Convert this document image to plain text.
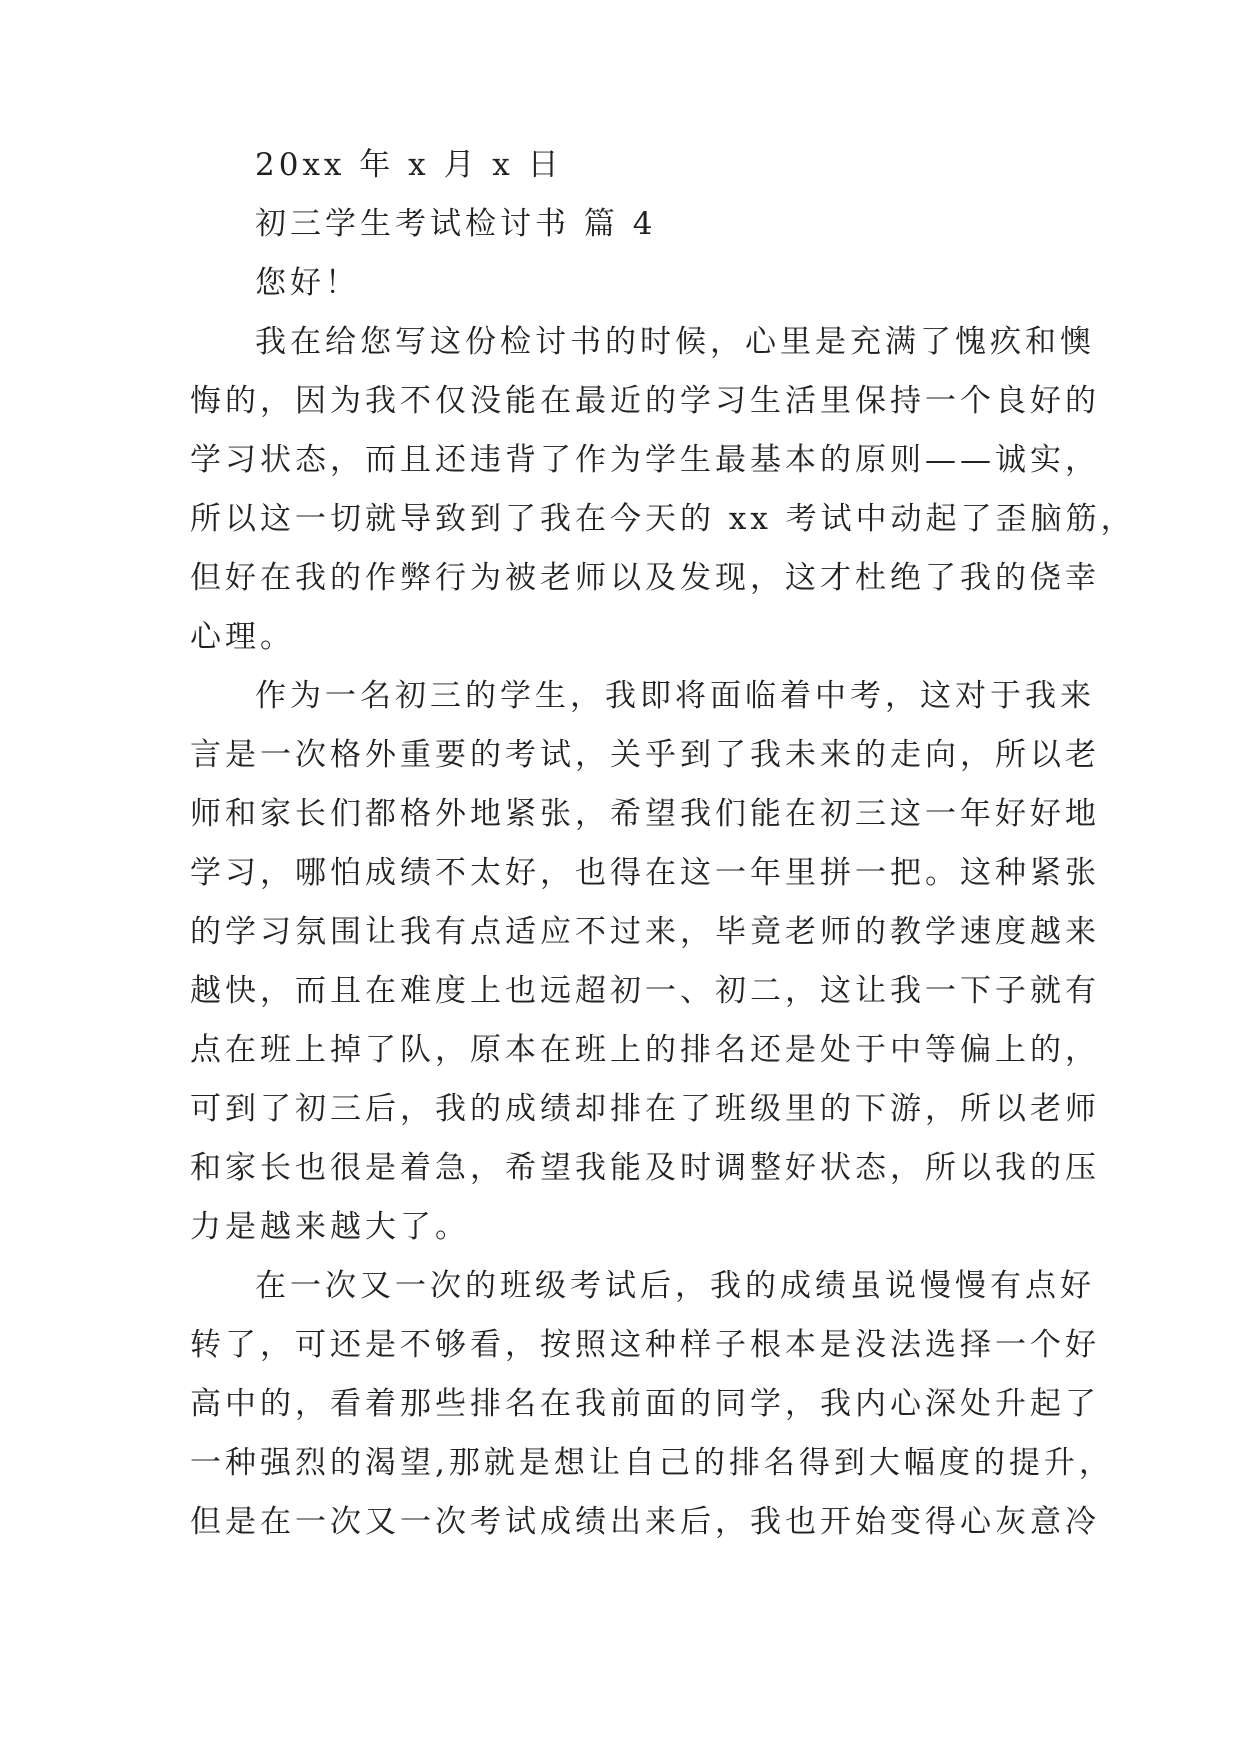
20xx 年 x 月 x 日
初三学生考试检讨书 篇 4
您好！
我在给您写这份检讨书的时候，心里是充满了愧疚和懊
悔的，因为我不仅没能在最近的学习生活里保持一个良好的
学习状态，而且还违背了作为学生最基本的原则——诚实，
所以这一切就导致到了我在今天的 xx 考试中动起了歪脑筋，
但好在我的作弊行为被老师以及发现，这才杜绝了我的侥幸
心理。
作为一名初三的学生，我即将面临着中考，这对于我来
言是一次格外重要的考试，关乎到了我未来的走向，所以老
师和家长们都格外地紧张，希望我们能在初三这一年好好地
学习，哪怕成绩不太好，也得在这一年里拼一把。这种紧张
的学习氛围让我有点适应不过来，毕竟老师的教学速度越来
越快，而且在难度上也远超初一、初二，这让我一下子就有
点在班上掉了队，原本在班上的排名还是处于中等偏上的，
可到了初三后，我的成绩却排在了班级里的下游，所以老师
和家长也很是着急，希望我能及时调整好状态，所以我的压
力是越来越大了。
在一次又一次的班级考试后，我的成绩虽说慢慢有点好
转了，可还是不够看，按照这种样子根本是没法选择一个好
高中的，看着那些排名在我前面的同学，我内心深处升起了
一种强烈的渴望,那就是想让自己的排名得到大幅度的提升，
但是在一次又一次考试成绩出来后，我也开始变得心灰意冷
